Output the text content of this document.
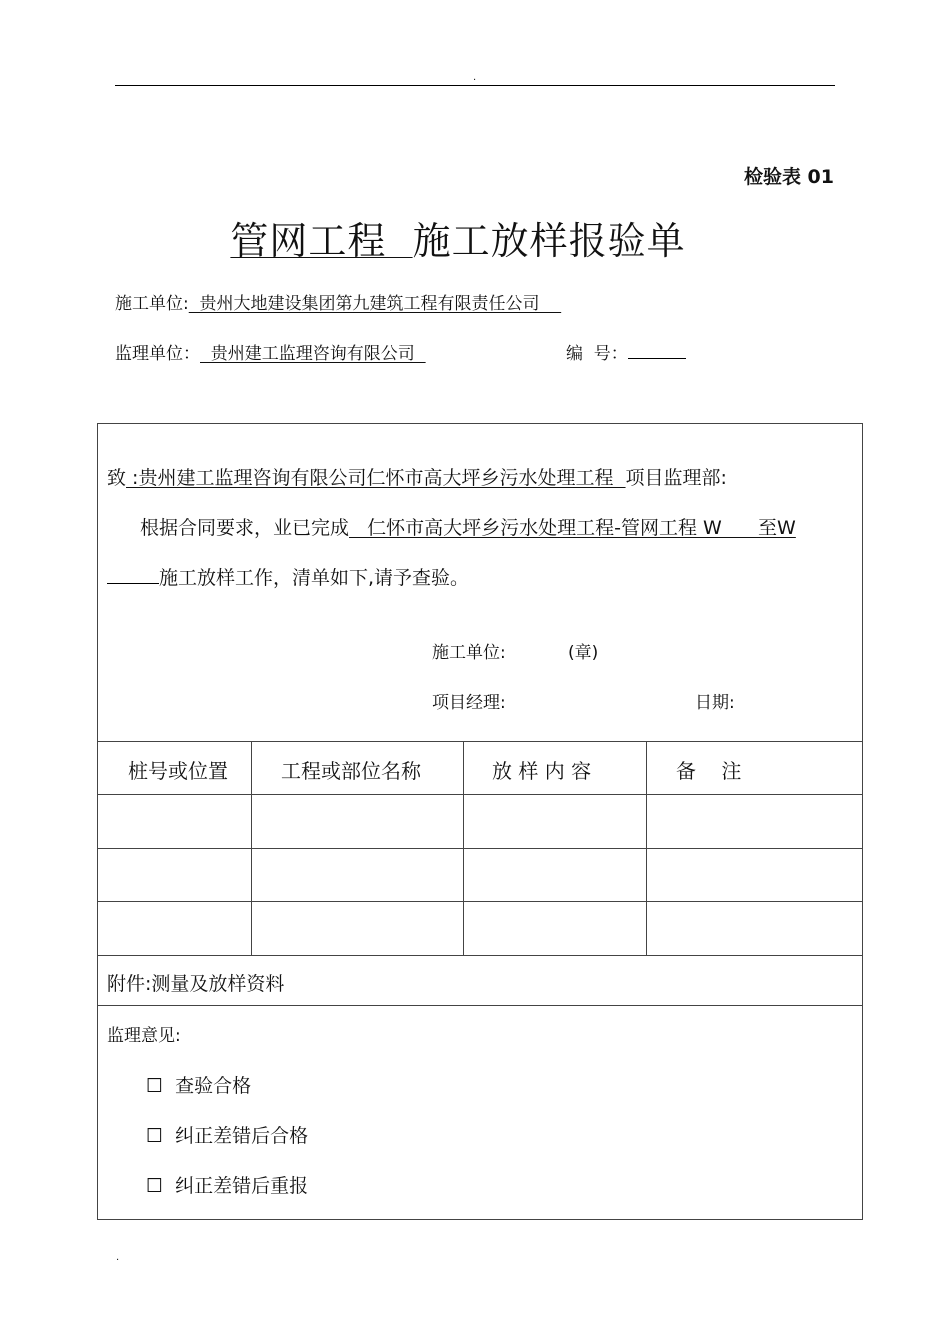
.
检验表 01
管网工程  施工放样报验单
施工单位:  贵州大地建设集团第九建筑工程有限责任公司
监理单位：  贵州建工监理咨询有限公司	编  号：
致 :贵州建工监理咨询有限公司仁怀市高大坪乡污水处理工程  项目监理部:
根据合同要求，业已完成   仁怀市高大坪乡污水处理工程-管网工程 W      至W
施工放样工作，清单如下,请予查验。
施工单位:	(章)
项目经理:	日期:
桩号或位置	工程或部位名称	放 样 内 容	备    注
附件:测量及放样资料
监理意见:
☐ 查验合格
☐ 纠正差错后合格
☐ 纠正差错后重报
.
